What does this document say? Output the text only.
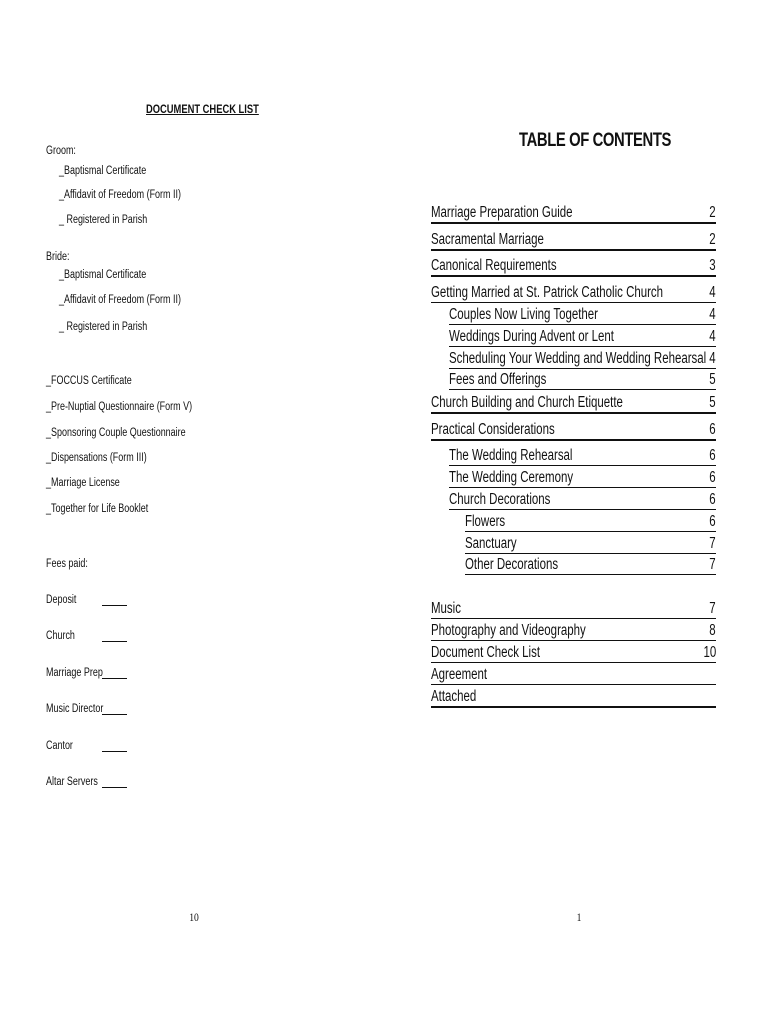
DOCUMENT CHECK LIST
Groom:
_Baptismal Certificate
_Affidavit of Freedom (Form II)
_ Registered in Parish
Bride:
_Baptismal Certificate
_Affidavit of Freedom (Form II)
_ Registered in Parish
_FOCCUS Certificate
_Pre-Nuptial Questionnaire (Form V)
_Sponsoring Couple Questionnaire
_Dispensations (Form III)
_Marriage License
_Together for Life Booklet
Fees paid:
Deposit
Church
Marriage Prep
Music Director
Cantor
Altar Servers
TABLE OF CONTENTS
Marriage Preparation Guide	2
Sacramental Marriage	2
Canonical Requirements	3
Getting Married at St. Patrick Catholic Church	4
Couples Now Living Together	4
Weddings During Advent or Lent	4
Scheduling Your Wedding and Wedding Rehearsal 4
Fees and Offerings	5
Church Building and Church Etiquette	5
Practical Considerations	6
The Wedding Rehearsal	6
The Wedding Ceremony	6
Church Decorations	6
Flowers	6
Sanctuary	7
Other Decorations	7
Music	7
Photography and Videography	8
Document Check List	10
Agreement
Attached
10	1
